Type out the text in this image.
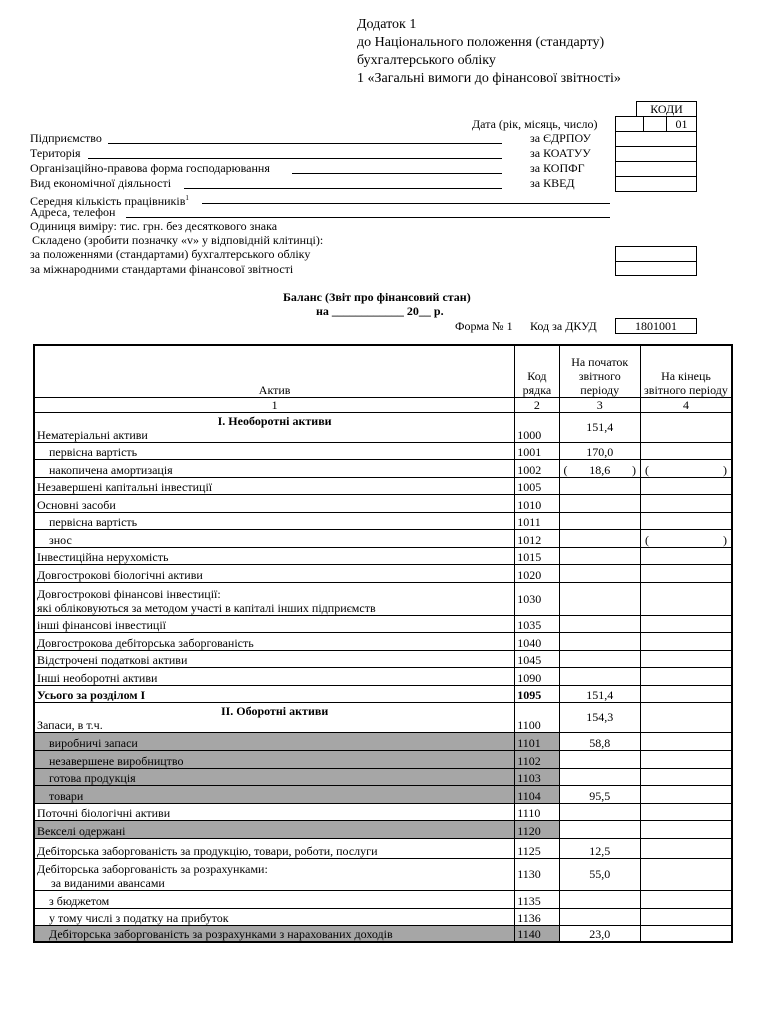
Додаток 1
до Національного положення (стандарту)
бухгалтерського обліку
1 «Загальні вимоги до фінансової звітності»
КОДИ
Дата (рік, місяць, число)	01
Підприємство	за ЄДРПОУ
Територія	за КОАТУУ
Організаційно-правова форма господарювання	за КОПФГ
Вид економічної діяльності	за КВЕД
Середня кількість працівників$^1$
Адреса, телефон
Одиниця виміру: тис. грн. без десяткового знака
Складено (зробити позначку «v» у відповідній клітинці):
за положеннями (стандартами) бухгалтерського обліку
за міжнародними стандартами фінансової звітності
Баланс (Звіт про фінансовий стан)
на ____________ 20__ р.
Форма № 1 Код за ДКУД	1801001
Актив	Код рядка	На початок звітного періоду	На кінець звітного періоду
1	2	3	4

І. Необоротні активи
Нематеріальні активи	1000	151,4	
первісна вартість	1001	170,0	
накопичена амортизація	1002	( 18,6 )	( )

Незавершені капітальні інвестиції	1005		
Основні засоби	1010		
первісна вартість	1011		
знос	1012		( )

Інвестиційна нерухомість	1015		
Довгострокові біологічні активи	1020		

Довгострокові фінансові інвестиції:
які обліковуються за методом участі в капіталі інших підприємств	1030		
інші фінансові інвестиції	1035		
Довгострокова дебіторська заборгованість	1040		
Відстрочені податкові активи	1045		
Інші необоротні активи	1090		
Усього за розділом І	1095	151,4	

ІІ. Оборотні активи
Запаси, в т.ч.	1100	154,3	
виробничі запаси	1101	58,8	
незавершене виробництво	1102		
готова продукція	1103		
товари	1104	95,5	
Поточні біологічні активи	1110		
Векселі одержані	1120		
Дебіторська заборгованість за продукцію, товари, роботи, послуги	1125	12,5	

Дебіторська заборгованість за розрахунками:
за виданими авансами	1130	55,0	
з бюджетом	1135		
у тому числі з податку на прибуток	1136		
Дебіторська заборгованість за розрахунками з нарахованих доходів	1140	23,0	
